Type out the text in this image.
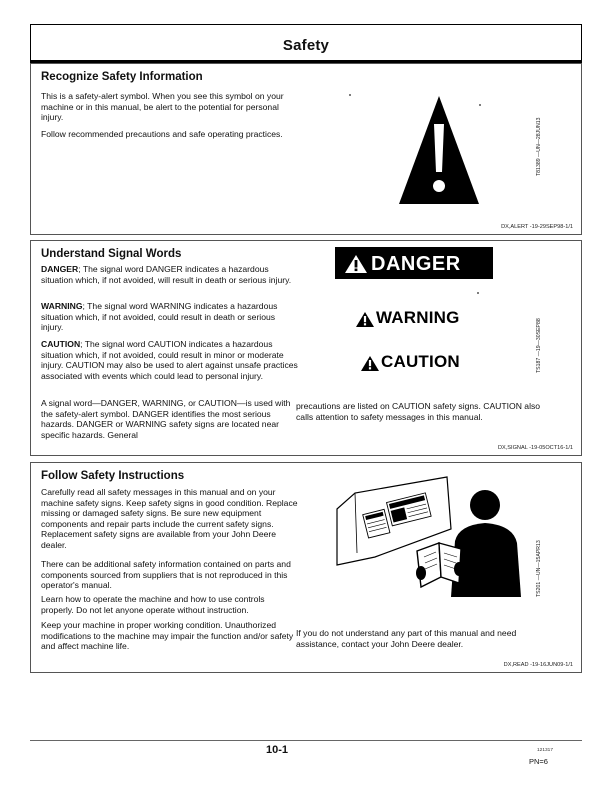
Safety
Recognize Safety Information
This is a safety-alert symbol. When you see this symbol on your machine or in this manual, be alert to the potential for personal injury.
Follow recommended precautions and safe operating practices.	T81389 —UN—28JUN13
DX,ALERT -19-29SEP98-1/1
Understand Signal Words
DANGER; The signal word DANGER indicates a hazardous situation which, if not avoided, will result in death or serious injury.
WARNING; The signal word WARNING indicates a hazardous situation which, if not avoided, could result in death or serious injury.
CAUTION; The signal word CAUTION indicates a hazardous situation which, if not avoided, could result in minor or moderate injury. CAUTION may also be used to alert against unsafe practices associated with events which could lead to personal injury.
A signal word—DANGER, WARNING, or CAUTION—is used with the safety-alert symbol. DANGER identifies the most serious hazards. DANGER or WARNING safety signs are located near specific hazards. General
precautions are listed on CAUTION safety signs. CAUTION also calls attention to safety messages in this manual.
DANGER
WARNING
CAUTION	TS187 —19—30SEP88
DX,SIGNAL -19-05OCT16-1/1
Follow Safety Instructions
Carefully read all safety messages in this manual and on your machine safety signs. Keep safety signs in good condition. Replace missing or damaged safety signs. Be sure new equipment components and repair parts include the current safety signs. Replacement safety signs are available from your John Deere dealer.
There can be additional safety information contained on parts and components sourced from suppliers that is not reproduced in this operator's manual.
Learn how to operate the machine and how to use controls properly. Do not let anyone operate without instruction.
Keep your machine in proper working condition. Unauthorized modifications to the machine may impair the function and/or safety and affect machine life.
If you do not understand any part of this manual and need assistance, contact your John Deere dealer.
TS201 —UN—15APR13
DX,READ -19-16JUN09-1/1
10-1	121317
PN=6
